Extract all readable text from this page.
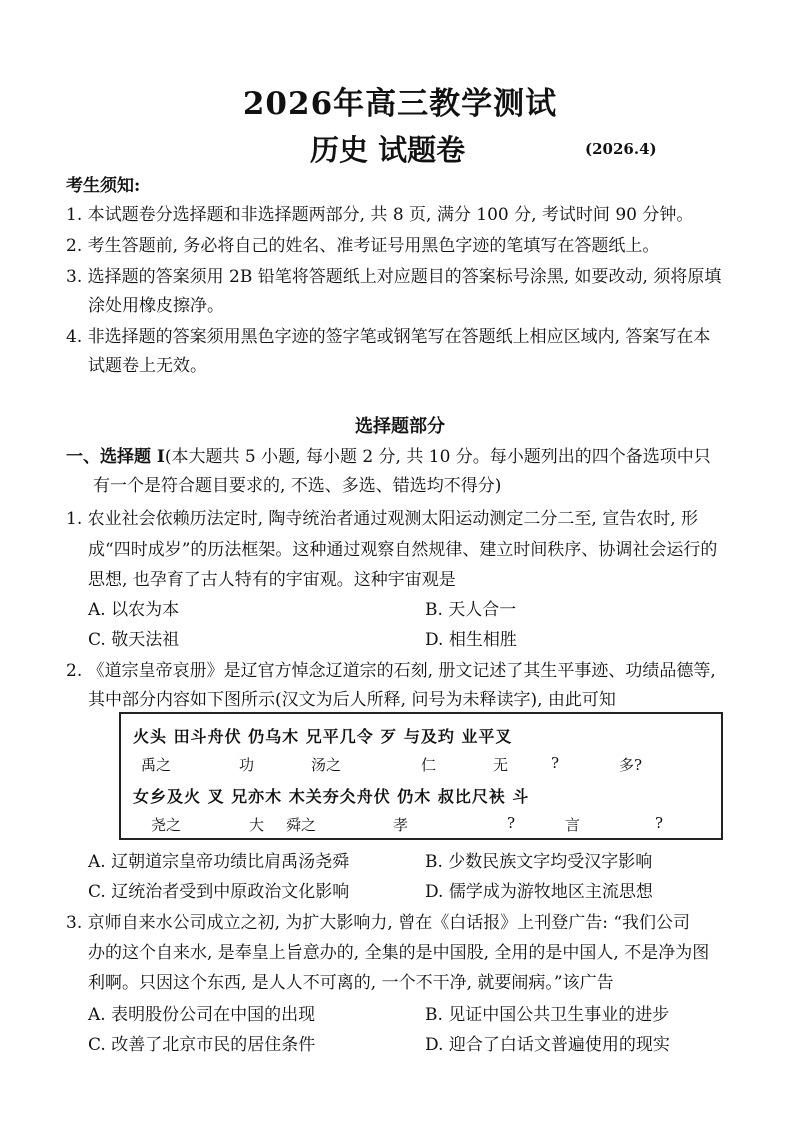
2026年高三教学测试
历史 试题卷	(2026.4)
考生须知:
1. 本试题卷分选择题和非选择题两部分, 共 8 页, 满分 100 分, 考试时间 90 分钟。
2. 考生答题前, 务必将自己的姓名、准考证号用黑色字迹的笔填写在答题纸上。
3. 选择题的答案须用 2B 铅笔将答题纸上对应题目的答案标号涂黑, 如要改动, 须将原填
涂处用橡皮擦净。
4. 非选择题的答案须用黑色字迹的签字笔或钢笔写在答题纸上相应区域内, 答案写在本
试题卷上无效。
选择题部分
一、选择题 I(本大题共 5 小题, 每小题 2 分, 共 10 分。每小题列出的四个备选项中只
有一个是符合题目要求的, 不选、多选、错选均不得分)
1. 农业社会依赖历法定时, 陶寺统治者通过观测太阳运动测定二分二至, 宣告农时, 形
成“四时成岁”的历法框架。这种通过观察自然规律、建立时间秩序、协调社会运行的
思想, 也孕育了古人特有的宇宙观。这种宇宙观是
A. 以农为本	B. 天人合一
C. 敬天法祖	D. 相生相胜
2. 《道宗皇帝哀册》是辽官方悼念辽道宗的石刻, 册文记述了其生平事迹、功绩品德等,
其中部分内容如下图所示(汉文为后人所释, 问号为未释读字), 由此可知
火头 田斗舟伏 仍乌木 兄平几令 歹 与及玓 业平叉
禹之	功	汤之	仁	无	?	多?
女乡及火 叉 兄亦木 木关夯仌舟伏 仍木 叔比尺衭 斗
尧之	大 舜之	孝	?	言	?
A. 辽朝道宗皇帝功绩比肩禹汤尧舜	B. 少数民族文字均受汉字影响
C. 辽统治者受到中原政治文化影响	D. 儒学成为游牧地区主流思想
3. 京师自来水公司成立之初, 为扩大影响力, 曾在《白话报》上刊登广告: “我们公司
办的这个自来水, 是奉皇上旨意办的, 全集的是中国股, 全用的是中国人, 不是净为图
利啊。只因这个东西, 是人人不可离的, 一个不干净, 就要闹病。”该广告
A. 表明股份公司在中国的出现	B. 见证中国公共卫生事业的进步
C. 改善了北京市民的居住条件	D. 迎合了白话文普遍使用的现实
